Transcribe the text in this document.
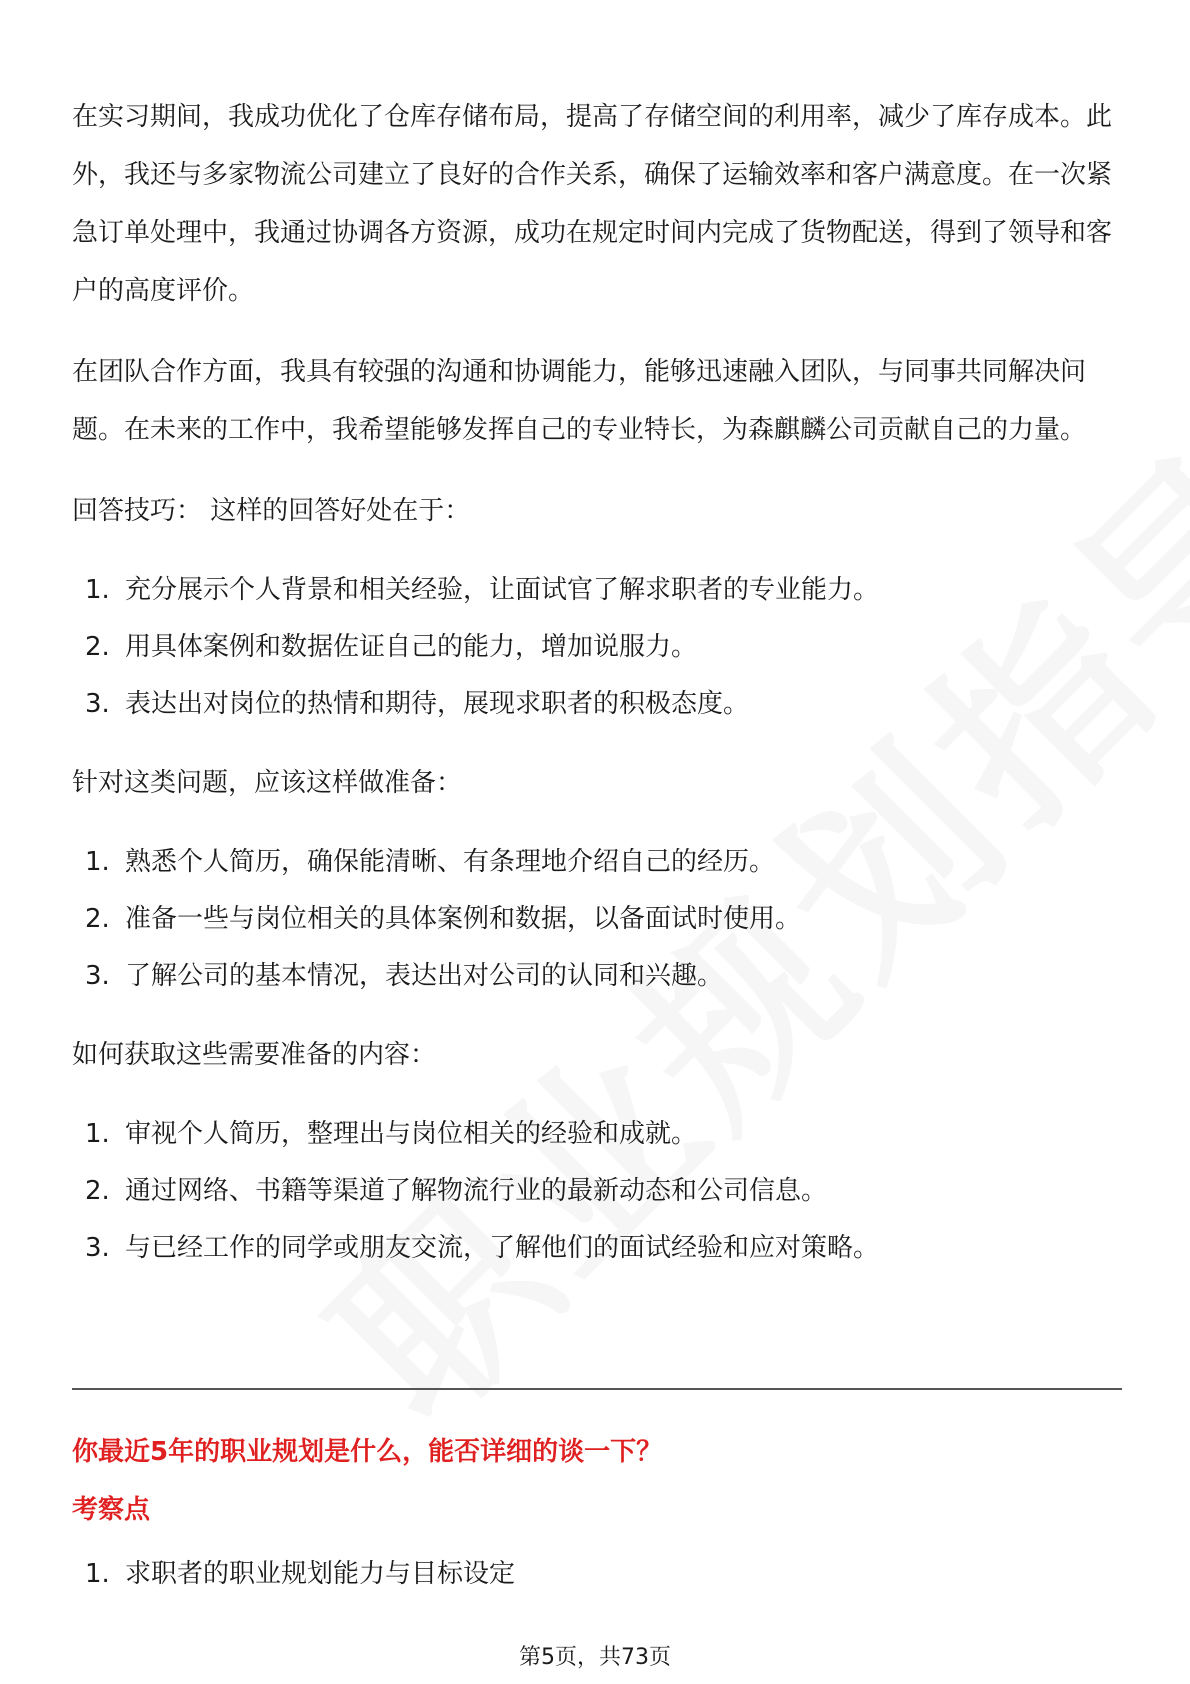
在实习期间，我成功优化了仓库存储布局，提高了存储空间的利用率，减少了库存成本。此外，我还与多家物流公司建立了良好的合作关系，确保了运输效率和客户满意度。在一次紧急订单处理中，我通过协调各方资源，成功在规定时间内完成了货物配送，得到了领导和客户的高度评价。

在团队合作方面，我具有较强的沟通和协调能力，能够迅速融入团队，与同事共同解决问题。在未来的工作中，我希望能够发挥自己的专业特长，为森麒麟公司贡献自己的力量。

回答技巧： 这样的回答好处在于：

1. 充分展示个人背景和相关经验，让面试官了解求职者的专业能力。
2. 用具体案例和数据佐证自己的能力，增加说服力。
3. 表达出对岗位的热情和期待，展现求职者的积极态度。

针对这类问题，应该这样做准备：

1. 熟悉个人简历，确保能清晰、有条理地介绍自己的经历。
2. 准备一些与岗位相关的具体案例和数据，以备面试时使用。
3. 了解公司的基本情况，表达出对公司的认同和兴趣。

如何获取这些需要准备的内容：

1. 审视个人简历，整理出与岗位相关的经验和成就。
2. 通过网络、书籍等渠道了解物流行业的最新动态和公司信息。
3. 与已经工作的同学或朋友交流，了解他们的面试经验和应对策略。
你最近5年的职业规划是什么，能否详细的谈一下？
考察点
1. 求职者的职业规划能力与目标设定
第5页，共73页
